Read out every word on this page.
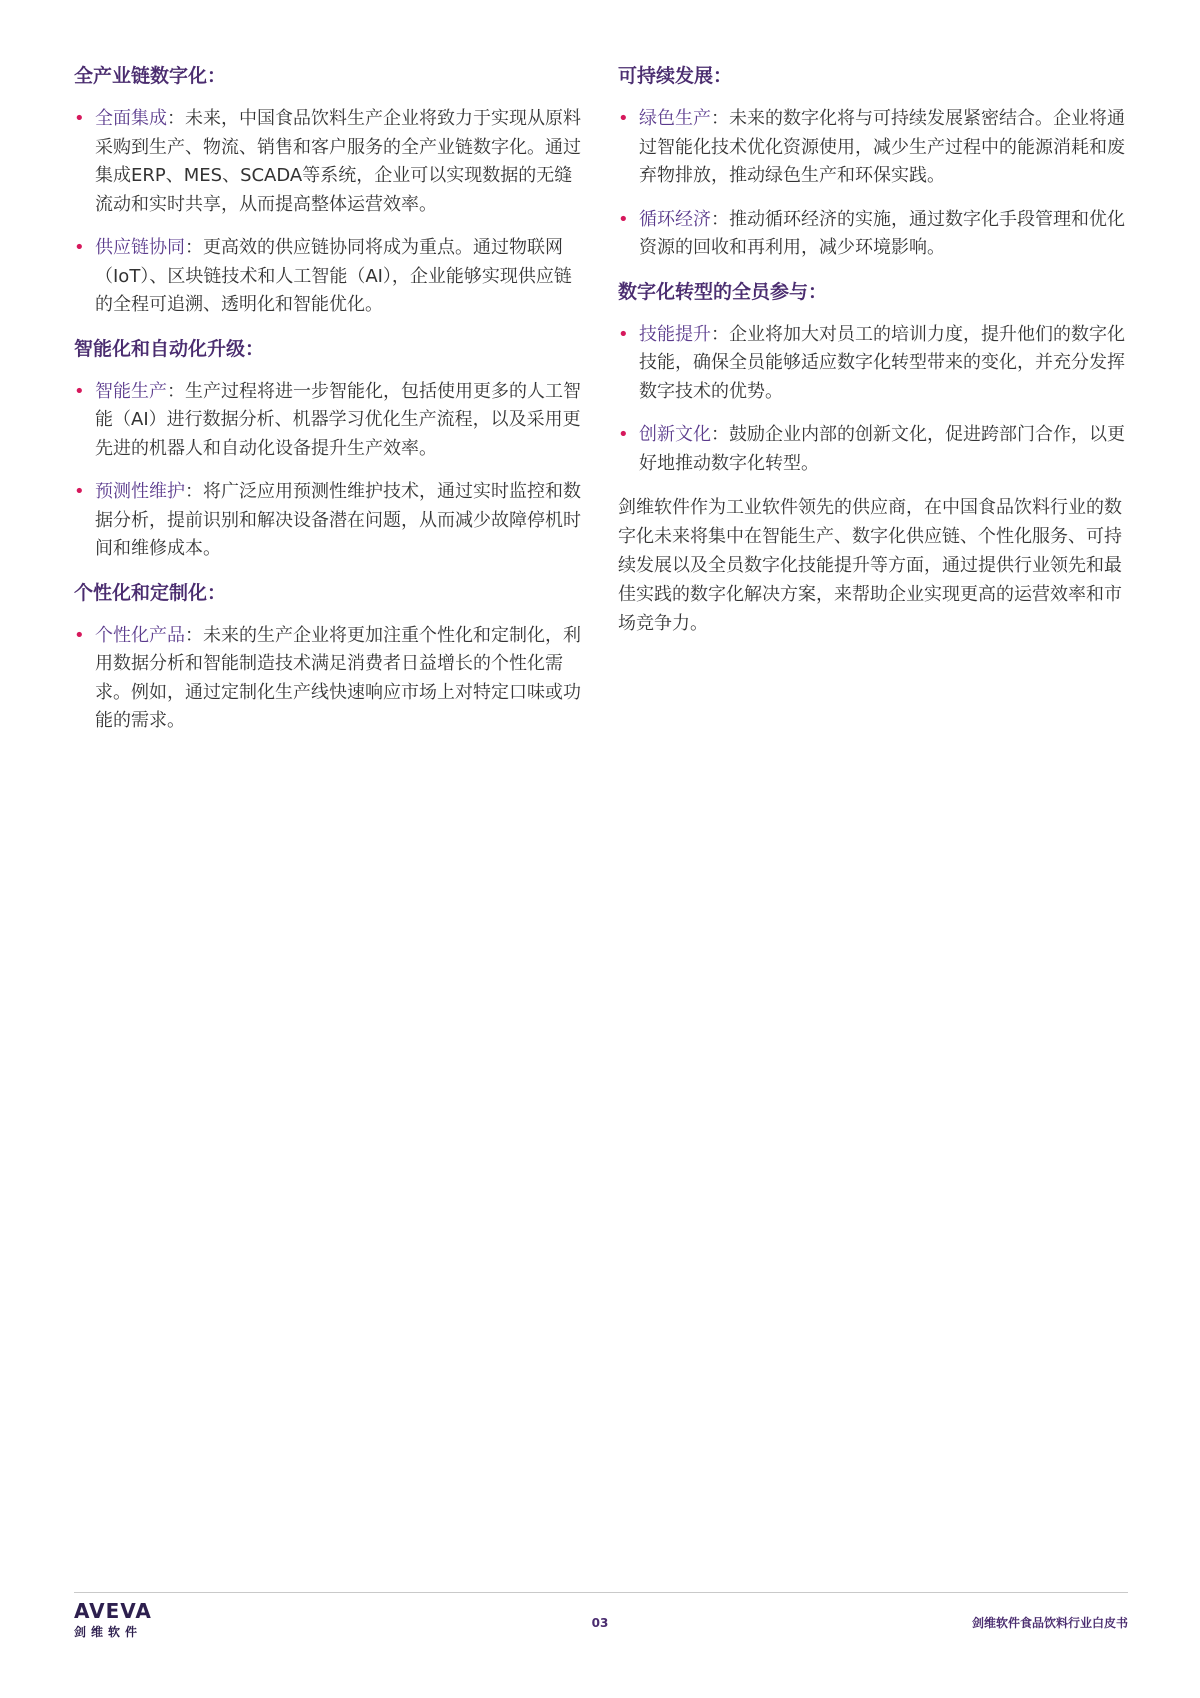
全产业链数字化：
• 全面集成：未来，中国食品饮料生产企业将致力于实现从原料采购到生产、物流、销售和客户服务的全产业链数字化。通过集成ERP、MES、SCADA等系统，企业可以实现数据的无缝流动和实时共享，从而提高整体运营效率。
• 供应链协同：更高效的供应链协同将成为重点。通过物联网（IoT）、区块链技术和人工智能（AI），企业能够实现供应链的全程可追溯、透明化和智能优化。
智能化和自动化升级：
• 智能生产：生产过程将进一步智能化，包括使用更多的人工智能（AI）进行数据分析、机器学习优化生产流程，以及采用更先进的机器人和自动化设备提升生产效率。
• 预测性维护：将广泛应用预测性维护技术，通过实时监控和数据分析，提前识别和解决设备潜在问题，从而减少故障停机时间和维修成本。
个性化和定制化：
• 个性化产品：未来的生产企业将更加注重个性化和定制化，利用数据分析和智能制造技术满足消费者日益增长的个性化需求。例如，通过定制化生产线快速响应市场上对特定口味或功能的需求。
可持续发展：
• 绿色生产：未来的数字化将与可持续发展紧密结合。企业将通过智能化技术优化资源使用，减少生产过程中的能源消耗和废弃物排放，推动绿色生产和环保实践。
• 循环经济：推动循环经济的实施，通过数字化手段管理和优化资源的回收和再利用，减少环境影响。
数字化转型的全员参与：
• 技能提升：企业将加大对员工的培训力度，提升他们的数字化技能，确保全员能够适应数字化转型带来的变化，并充分发挥数字技术的优势。
• 创新文化：鼓励企业内部的创新文化，促进跨部门合作，以更好地推动数字化转型。

剑维软件作为工业软件领先的供应商，在中国食品饮料行业的数字化未来将集中在智能生产、数字化供应链、个性化服务、可持续发展以及全员数字化技能提升等方面，通过提供行业领先和最佳实践的数字化解决方案，来帮助企业实现更高的运营效率和市场竞争力。

AVEVA
剑维软件
03	剑维软件食品饮料行业白皮书
